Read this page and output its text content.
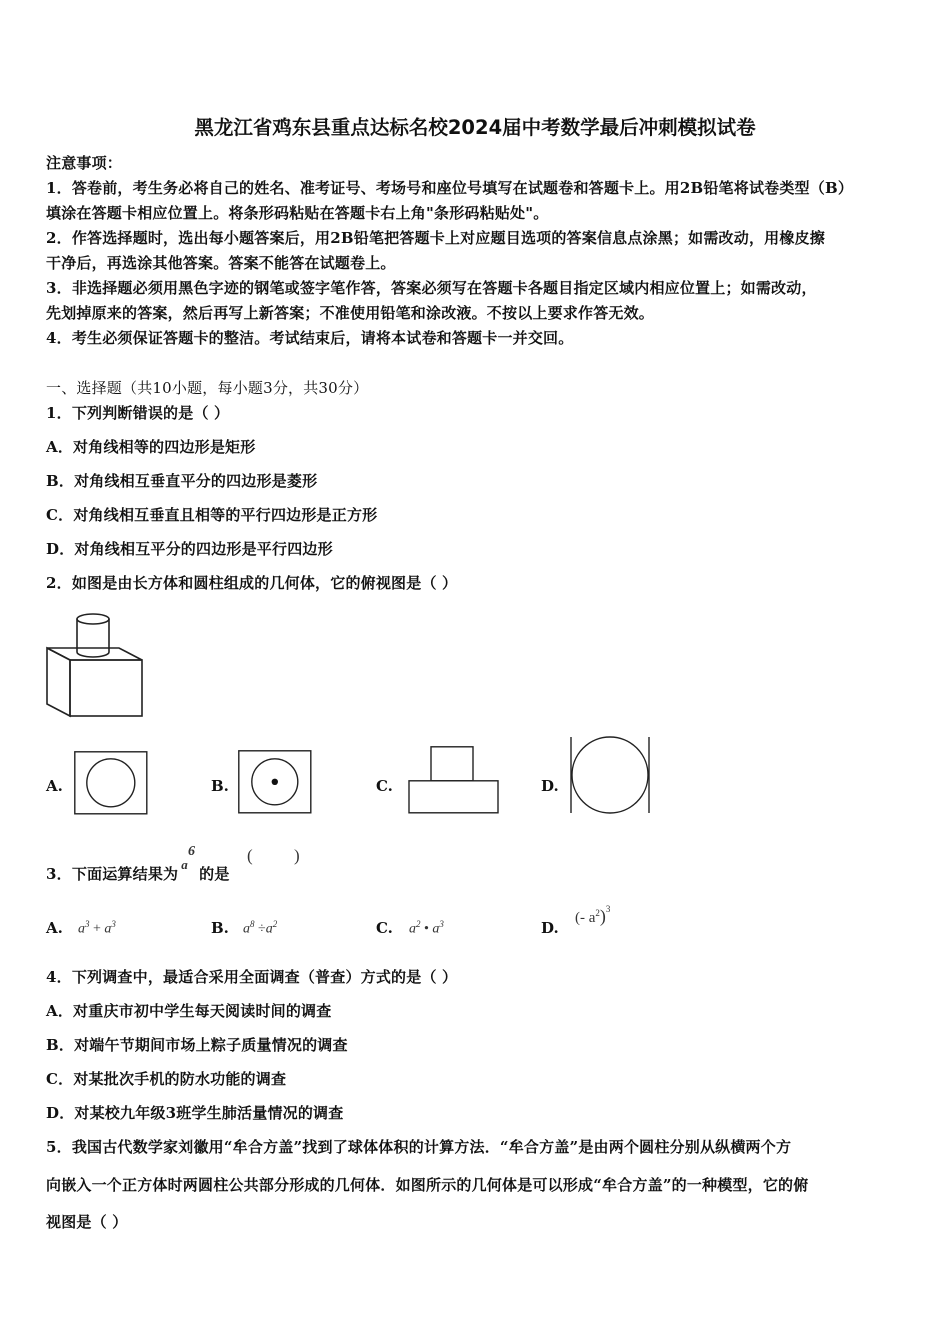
黑龙江省鸡东县重点达标名校2024届中考数学最后冲刺模拟试卷
注意事项：
1．答卷前，考生务必将自己的姓名、准考证号、考场号和座位号填写在试题卷和答题卡上。用2B铅笔将试卷类型（B）
填涂在答题卡相应位置上。将条形码粘贴在答题卡右上角"条形码粘贴处"。
2．作答选择题时，选出每小题答案后，用2B铅笔把答题卡上对应题目选项的答案信息点涂黑；如需改动，用橡皮擦
干净后，再选涂其他答案。答案不能答在试题卷上。
3．非选择题必须用黑色字迹的钢笔或签字笔作答，答案必须写在答题卡各题目指定区域内相应位置上；如需改动，
先划掉原来的答案，然后再写上新答案；不准使用铅笔和涂改液。不按以上要求作答无效。
4．考生必须保证答题卡的整洁。考试结束后，请将本试卷和答题卡一并交回。
一、选择题（共10小题，每小题3分，共30分）
1．下列判断错误的是（ ）
A．对角线相等的四边形是矩形
B．对角线相互垂直平分的四边形是菱形
C．对角线相互垂直且相等的平行四边形是正方形
D．对角线相互平分的四边形是平行四边形
2．如图是由长方体和圆柱组成的几何体，它的俯视图是（ ）
A.	B.	C.	D.
3．下面运算结果为$a^6$的是
( )
A. $a^3 + a^3$	B. $a^8 \div a^2$	C. $a^2$ • $a^3$	D.
(- $a^2)^3$
4．下列调查中，最适合采用全面调查（普查）方式的是（ ）
A．对重庆市初中学生每天阅读时间的调查
B．对端午节期间市场上粽子质量情况的调查
C．对某批次手机的防水功能的调查
D．对某校九年级3班学生肺活量情况的调查
5．我国古代数学家刘徽用“牟合方盖”找到了球体体积的计算方法．“牟合方盖”是由两个圆柱分别从纵横两个方
向嵌入一个正方体时两圆柱公共部分形成的几何体．如图所示的几何体是可以形成“牟合方盖”的一种模型，它的俯
视图是（ ）
